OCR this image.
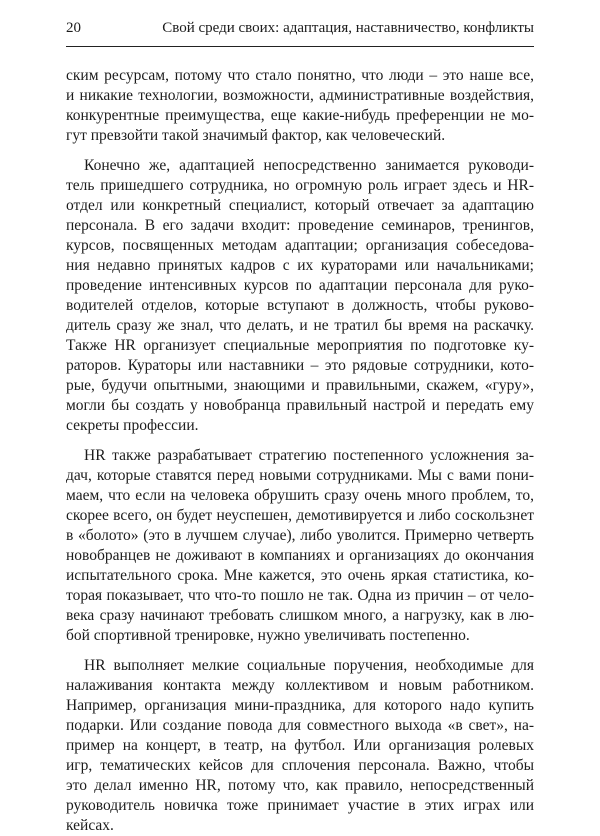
20	Свой среди своих: адаптация, наставничество, конфликты
ским ресурсам, потому что стало понятно, что люди – это наше все,
и никакие технологии, возможности, административные воздействия,
конкурентные преимущества, еще какие-нибудь преференции не мо-
гут превзойти такой значимый фактор, как человеческий.
Конечно же, адаптацией непосредственно занимается руководи-
тель пришедшего сотрудника, но огромную роль играет здесь и HR-
отдел или конкретный специалист, который отвечает за адаптацию
персонала. В его задачи входит: проведение семинаров, тренингов,
курсов, посвященных методам адаптации; организация собеседова-
ния недавно принятых кадров с их кураторами или начальниками;
проведение интенсивных курсов по адаптации персонала для руко-
водителей отделов, которые вступают в должность, чтобы руково-
дитель сразу же знал, что делать, и не тратил бы время на раскачку.
Также HR организует специальные мероприятия по подготовке ку-
раторов. Кураторы или наставники – это рядовые сотрудники, кото-
рые, будучи опытными, знающими и правильными, скажем, «гуру»,
могли бы создать у новобранца правильный настрой и передать ему
секреты профессии.
HR также разрабатывает стратегию постепенного усложнения за-
дач, которые ставятся перед новыми сотрудниками. Мы с вами пони-
маем, что если на человека обрушить сразу очень много проблем, то,
скорее всего, он будет неуспешен, демотивируется и либо соскользнет
в «болото» (это в лучшем случае), либо уволится. Примерно четверть
новобранцев не доживают в компаниях и организациях до окончания
испытательного срока. Мне кажется, это очень яркая статистика, ко-
торая показывает, что что-то пошло не так. Одна из причин – от чело-
века сразу начинают требовать слишком много, а нагрузку, как в лю-
бой спортивной тренировке, нужно увеличивать постепенно.
HR выполняет мелкие социальные поручения, необходимые для
налаживания контакта между коллективом и новым работником.
Например, организация мини-праздника, для которого надо купить
подарки. Или создание повода для совместного выхода «в свет», на-
пример на концерт, в театр, на футбол. Или организация ролевых
игр, тематических кейсов для сплочения персонала. Важно, чтобы
это делал именно HR, потому что, как правило, непосредственный
руководитель новичка тоже принимает участие в этих играх или
кейсах.
